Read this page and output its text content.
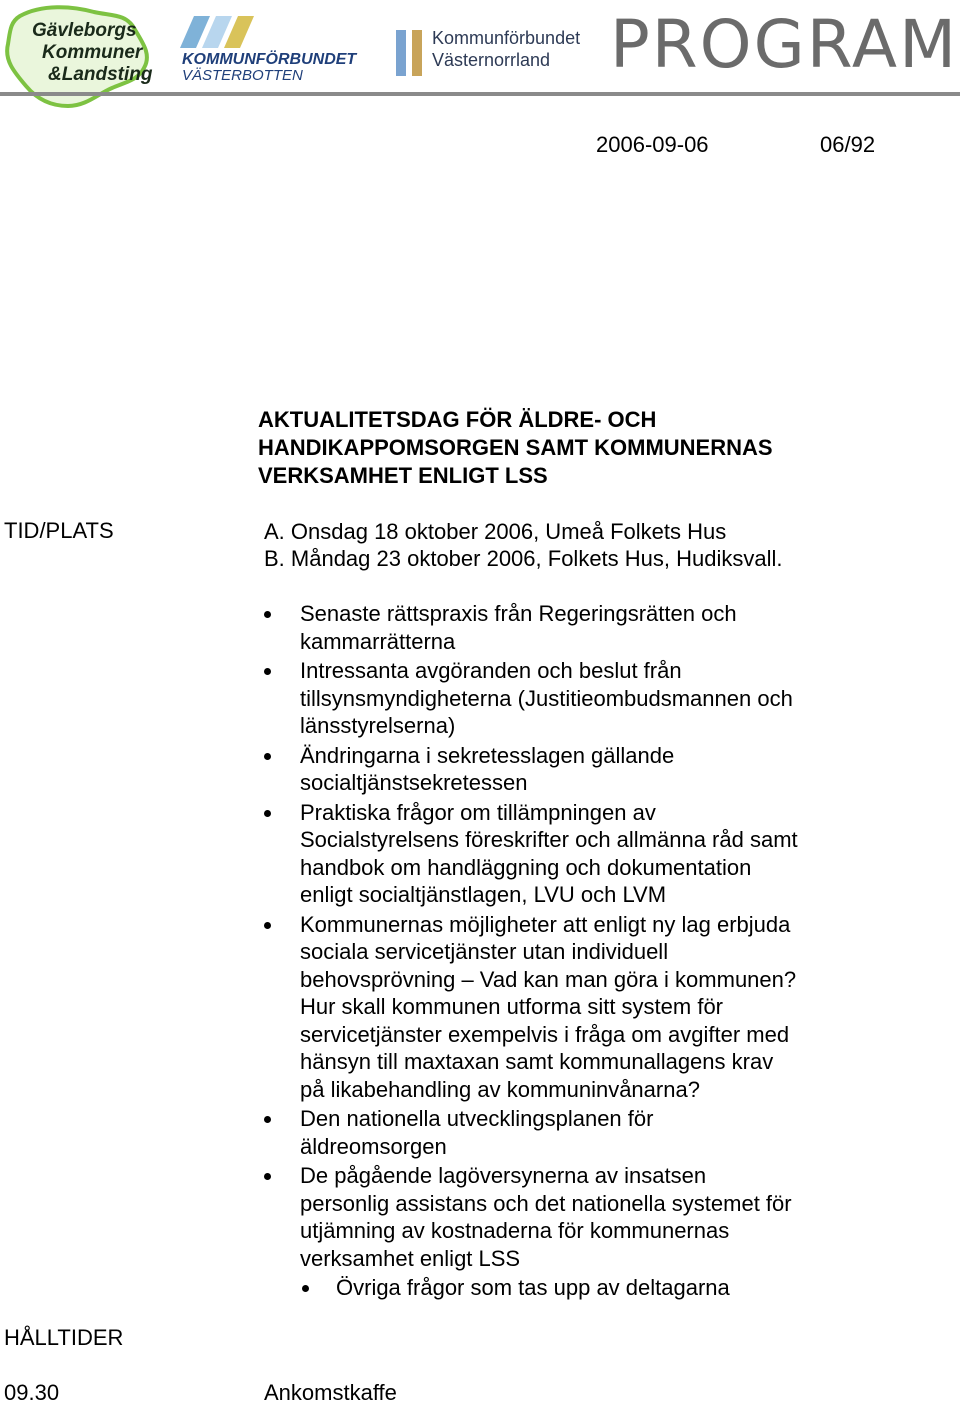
Gävleborgs
Kommuner
&Landsting
KOMMUNFÖRBUNDET
VÄSTERBOTTEN
Kommunförbundet
Västernorrland PROGRAM
2006-09-06	06/92
AKTUALITETSDAG FÖR ÄLDRE- OCH
HANDIKAPPOMSORGEN SAMT KOMMUNERNAS
VERKSAMHET ENLIGT LSS
TID/PLATS	A. Onsdag 18 oktober 2006, Umeå Folkets Hus
B. Måndag 23 oktober 2006, Folkets Hus, Hudiksvall.
Senaste rättspraxis från Regeringsrätten och
kammarrätterna
Intressanta avgöranden och beslut från
tillsynsmyndigheterna (Justitieombudsmannen och
länsstyrelserna)
Ändringarna i sekretesslagen gällande
socialtjänstsekretessen
Praktiska frågor om tillämpningen av
Socialstyrelsens föreskrifter och allmänna råd samt
handbok om handläggning och dokumentation
enligt socialtjänstlagen, LVU och LVM
Kommunernas möjligheter att enligt ny lag erbjuda
sociala servicetjänster utan individuell
behovsprövning – Vad kan man göra i kommunen?
Hur skall kommunen utforma sitt system för
servicetjänster exempelvis i fråga om avgifter med
hänsyn till maxtaxan samt kommunallagens krav
på likabehandling av kommuninvånarna?
Den nationella utvecklingsplanen för
äldreomsorgen
De pågående lagöversynerna av insatsen
personlig assistans och det nationella systemet för
utjämning av kostnaderna för kommunernas
verksamhet enligt LSS
Övriga frågor som tas upp av deltagarna
HÅLLTIDER
09.30	Ankomstkaffe
